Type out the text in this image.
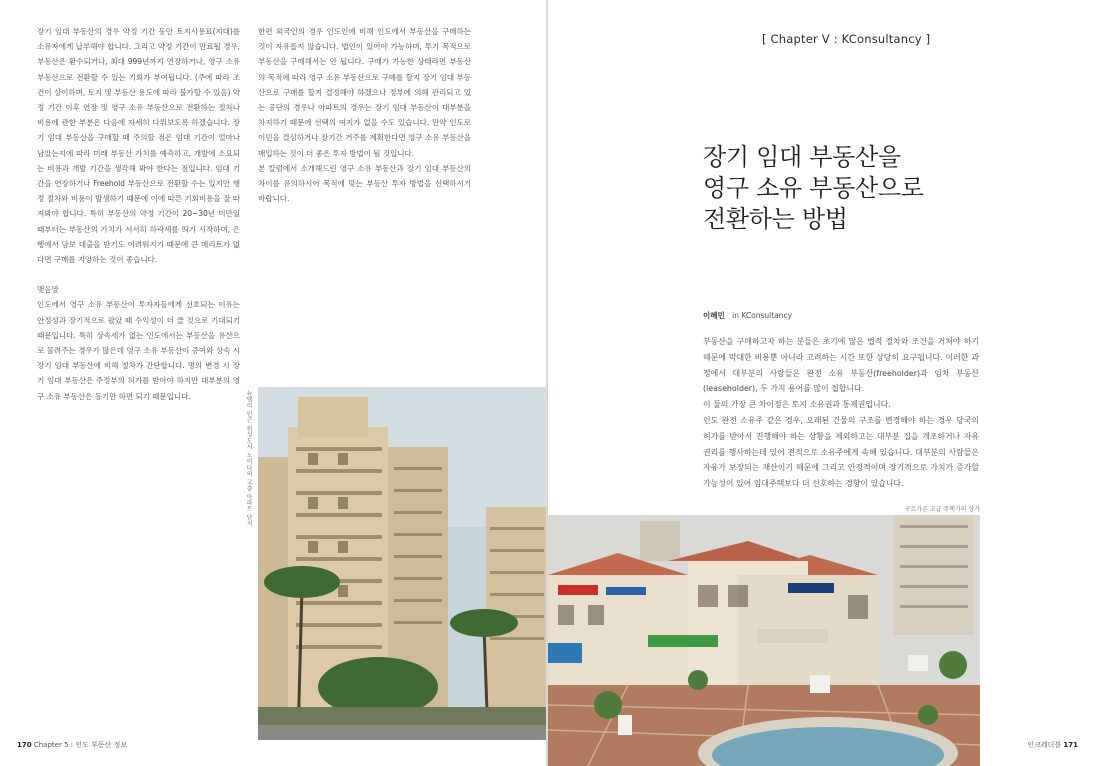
장기 임대 부동산의 경우 약정 기간 동안 토지사용료(지대)를 소유자에게 납부해야 합니다. 그리고 약정 기간이 만료될 경우, 부동산은 환수되거나, 최대 999년까지 연장하거나, 영구 소유 부동산으로 전환할 수 있는 기회가 부여됩니다. (주에 따라 조건이 상이하며, 토지 및 부동산 용도에 따라 불가할 수 있음) 약정 기간 이후 연장 및 영구 소유 부동산으로 전환하는 절차나 비용에 관한 부분은 다음에 자세히 다뤄보도록 하겠습니다. 장기 임대 부동산을 구매할 때 주의할 점은 임대 기간이 얼마나 남았는지에 따라 미래 부동산 가치를 예측하고, 개발에 소요되는 비용과 개발 기간을 생각해 봐야 한다는 점입니다. 임대 기간을 연장하거나 Freehold 부동산으로 전환할 수는 있지만 행정 절차와 비용이 발생하기 때문에 이에 따른 기회비용을 잘 따져봐야 합니다. 특히 부동산의 약정 기간이 20~30년 미만일 때부터는 부동산의 가치가 서서히 하락세를 띄기 시작하며, 은행에서 담보 대출을 받기도 어려워지기 때문에 큰 메리트가 없다면 구매를 지양하는 것이 좋습니다.

맺음말

인도에서 영구 소유 부동산이 투자자들에게 선호되는 이유는 안정성과 장기적으로 팔았 때 수익성이 더 클 것으로 기대되기 때문입니다. 특히 상속세가 없는 인도에서는 부동산을 유산으로 물려주는 경우가 많은데 영구 소유 부동산이 증여와 상속 시 장기 임대 부동산에 비해 절차가 간단합니다. 명의 변경 시 장기 임대 부동산은 주정부의 허가를 받아야 하지만 대부분의 영구 소유 부동산은 등기만 하면 되기 때문입니다.

한편 외국인의 경우 인도인에 비해 인도에서 부동산을 구매하는 것이 자유롭지 않습니다. 법인이 있어야 가능하며, 투기 목적으로 부동산을 구매해서는 안 됩니다. 구매가 가능한 상태라면 부동산의 목적에 따라 영구 소유 부동산으로 구매를 할지 장기 임대 부동산으로 구매를 할지 결정해야 하겠으나 정부에 의해 관리되고 있는 공단의 경우나 아파트의 경우는 장기 임대 부동산이 대부분을 차지하기 때문에 선택의 여지가 없을 수도 있습니다. 만약 인도로 이민을 결심하거나 장기간 거주를 계획한다면 영구 소유 부동산을 매입하는 것이 더 좋은 투자 방법이 될 것입니다.

본 칼럼에서 소개해드린 영구 소유 부동산과 장기 임대 부동산의 차이를 유의하시어 목적에 맞는 부동산 투자 방법을 선택하시기 바랍니다.

뉴델리 인근 위성도시 노이다의 고층 아파트 단지
170 Chapter 5 : 인도 부동산 정보
[ Chapter Ⅴ : KConsultancy ]
장기 임대 부동산을
영구 소유 부동산으로
전환하는 방법
이혜민 in KConsultancy

부동산을 구매하고자 하는 분들은 초기에 많은 법적 절차와 조건을 거쳐야 하기 때문에 막대한 비용뿐 아니라 고려하는 시간 또한 상당히 요구됩니다. 이러한 과정에서 대부분의 사람들은 완전 소유 부동산(freeholder)과 임차 부동산(leaseholder), 두 가지 용어를 많이 접합니다.

이 둘의 가장 큰 차이점은 토지 소유권과 통제권입니다.

인도 완전 소유주 같은 경우, 오래된 건물의 구조를 변경해야 하는 경우 당국의 허가를 받아서 진행해야 하는 상황을 제외하고는 대부분 집을 개조하거나 자유 권리를 행사하는데 있어 전적으로 소유주에게 속해 있습니다. 대부분의 사람들은 자유가 보장되는 재산이기 때문에 그리고 안정적이며 장기적으로 가치가 증가할 가능성이 있어 임대주택보다 더 선호하는 경향이 있습니다.

구르가온 고급 주택가의 상가
인크레더블 171
